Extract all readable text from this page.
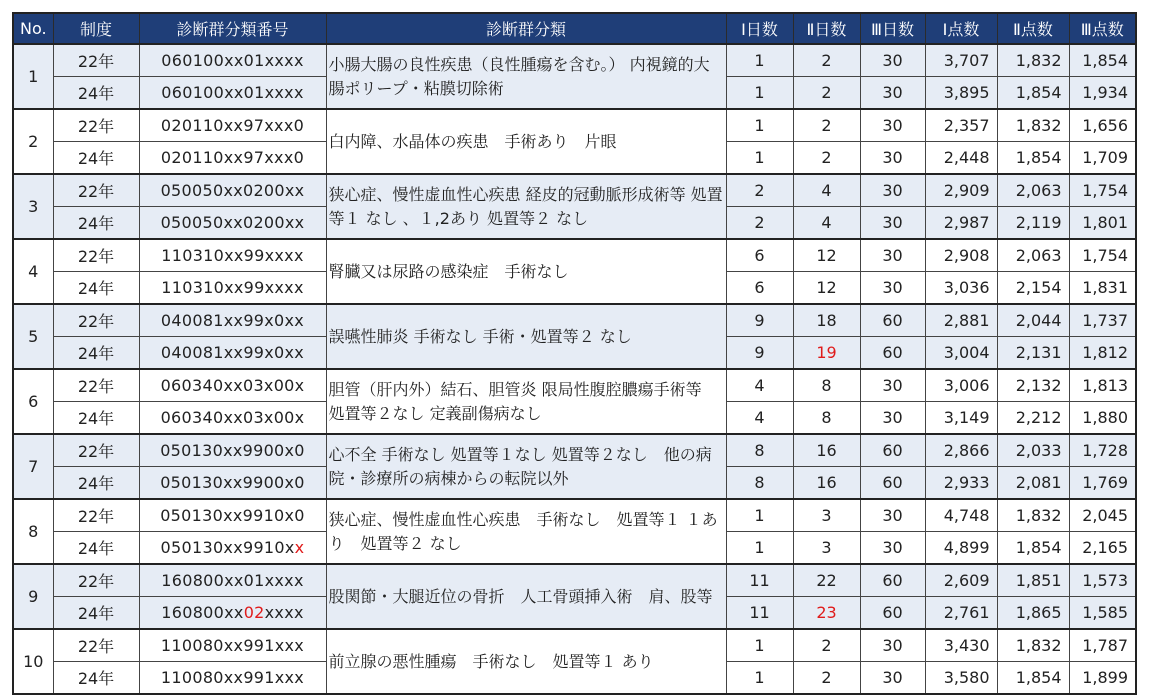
No.	制度	診断群分類番号	診断群分類	Ⅰ日数	Ⅱ日数	Ⅲ日数	Ⅰ点数	Ⅱ点数	Ⅲ点数
1	22年	060100xx01xxxx	小腸大腸の良性疾患（良性腫瘍を含む。） 内視鏡的大腸ポリープ・粘膜切除術	1	2	30	3,707	1,832	1,854
	24年	060100xx01xxxx		1	2	30	3,895	1,854	1,934
2	22年	020110xx97xxx0	白内障、水晶体の疾患　手術あり　片眼	1	2	30	2,357	1,832	1,656
	24年	020110xx97xxx0		1	2	30	2,448	1,854	1,709
3	22年	050050xx0200xx	狭心症、慢性虚血性心疾患 経皮的冠動脈形成術等 処置等１ なし 、１,2あり 処置等２ なし	2	4	30	2,909	2,063	1,754
	24年	050050xx0200xx		2	4	30	2,987	2,119	1,801
4	22年	110310xx99xxxx	腎臓又は尿路の感染症　手術なし	6	12	30	2,908	2,063	1,754
	24年	110310xx99xxxx		6	12	30	3,036	2,154	1,831
5	22年	040081xx99x0xx	誤嚥性肺炎 手術なし 手術・処置等２ なし	9	18	60	2,881	2,044	1,737
	24年	040081xx99x0xx		9	19	60	3,004	2,131	1,812
6	22年	060340xx03x00x	胆管（肝内外）結石、胆管炎 限局性腹腔膿瘍手術等　処置等２なし 定義副傷病なし	4	8	30	3,006	2,132	1,813
	24年	060340xx03x00x		4	8	30	3,149	2,212	1,880
7	22年	050130xx9900x0	心不全 手術なし 処置等１なし 処置等２なし　他の病院・診療所の病棟からの転院以外	8	16	60	2,866	2,033	1,728
	24年	050130xx9900x0		8	16	60	2,933	2,081	1,769
8	22年	050130xx9910x0	狭心症、慢性虚血性心疾患　手術なし　処置等１ １あり　処置等２ なし	1	3	30	4,748	1,832	2,045
	24年	050130xx9910xx		1	3	30	4,899	1,854	2,165
9	22年	160800xx01xxxx	股関節・大腿近位の骨折　人工骨頭挿入術　肩、股等	11	22	60	2,609	1,851	1,573
	24年	160800xx02xxxx		11	23	60	2,761	1,865	1,585
10	22年	110080xx991xxx	前立腺の悪性腫瘍　手術なし　処置等１ あり	1	2	30	3,430	1,832	1,787
	24年	110080xx991xxx		1	2	30	3,580	1,854	1,899
